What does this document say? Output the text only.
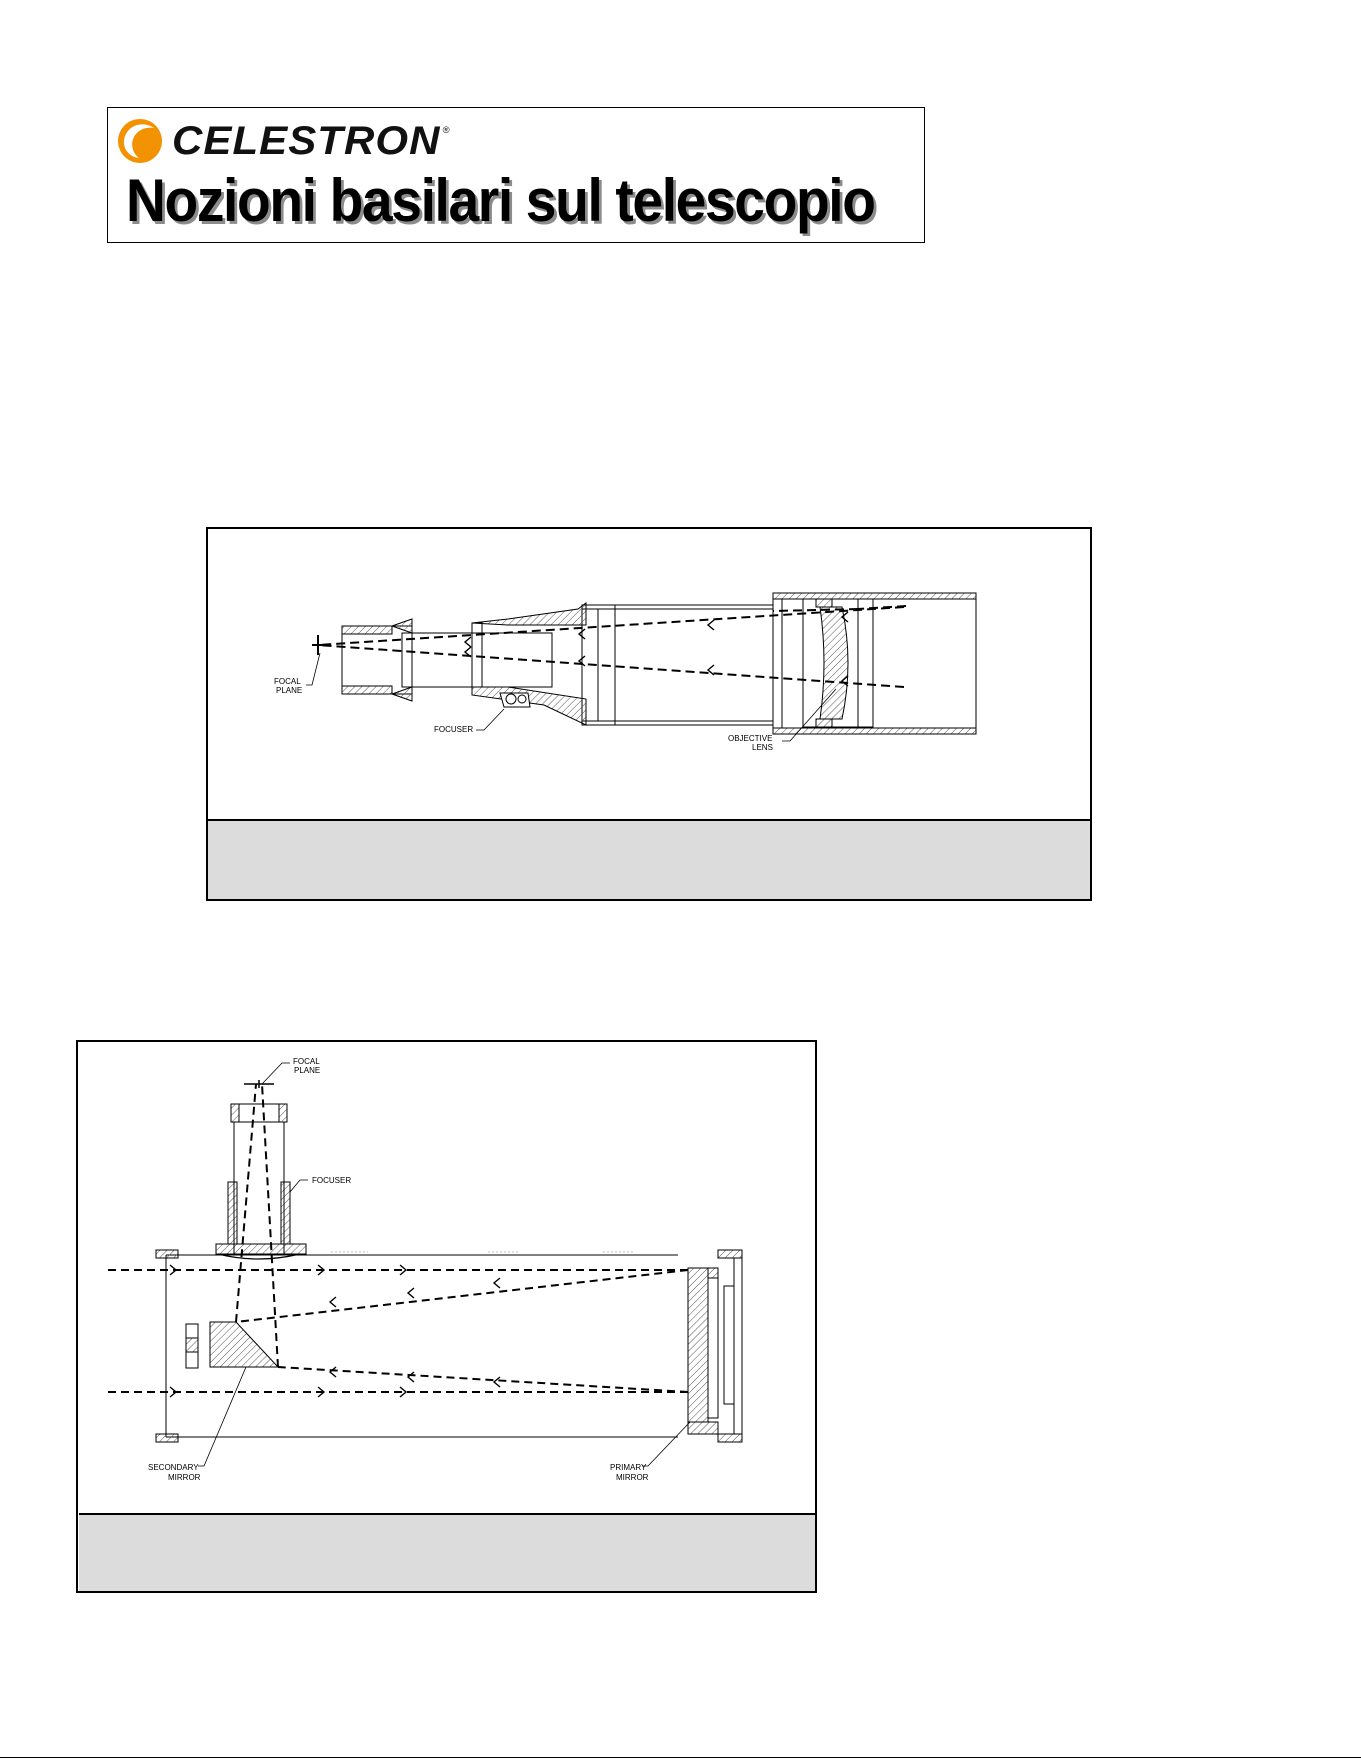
CELESTRON ®
Nozioni basilari sul telescopio
FOCAL
PLANE
FOCUSER
OBJECTIVE
LENS
FOCAL
PLANE
FOCUSER
SECONDARY
MIRROR
PRIMARY
MIRROR
